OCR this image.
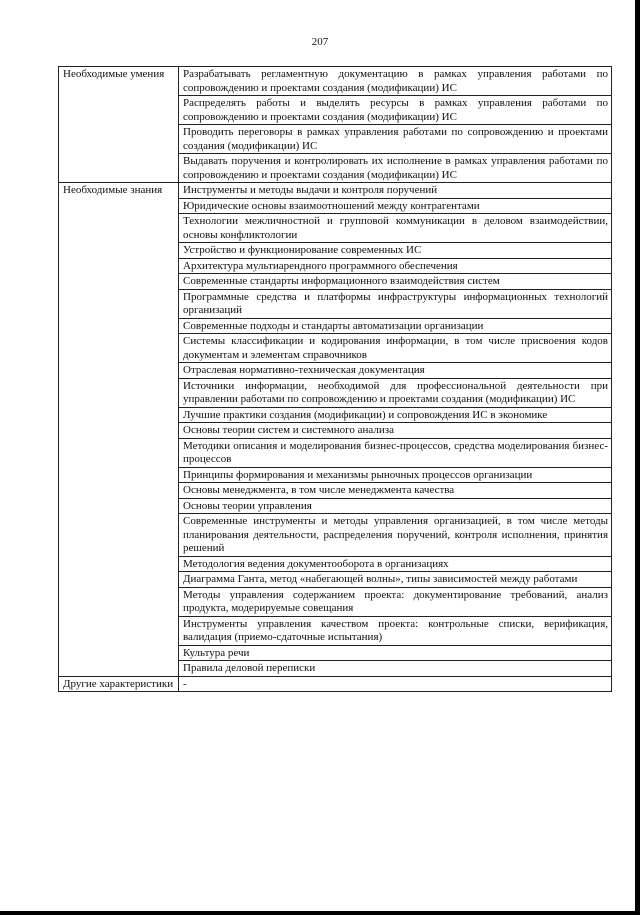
207
Необходимые умения	Разрабатывать регламентную документацию в рамках управления работами по сопровождению и проектами создания (модификации) ИС
	Распределять работы и выделять ресурсы в рамках управления работами по сопровождению и проектами создания (модификации) ИС
	Проводить переговоры в рамках управления работами по сопровождению и проектами создания (модификации) ИС
	Выдавать поручения и контролировать их исполнение в рамках управления работами по сопровождению и проектами создания (модификации) ИС
Необходимые знания	Инструменты и методы выдачи и контроля поручений
	Юридические основы взаимоотношений между контрагентами
	Технологии межличностной и групповой коммуникации в деловом взаимодействии, основы конфликтологии
	Устройство и функционирование современных ИС
	Архитектура мультиарендного программного обеспечения
	Современные стандарты информационного взаимодействия систем
	Программные средства и платформы инфраструктуры информационных технологий организаций
	Современные подходы и стандарты автоматизации организации
	Системы классификации и кодирования информации, в том числе присвоения кодов документам и элементам справочников
	Отраслевая нормативно-техническая документация
	Источники информации, необходимой для профессиональной деятельности при управлении работами по сопровождению и проектами создания (модификации) ИС
	Лучшие практики создания (модификации) и сопровождения ИС в экономике
	Основы теории систем и системного анализа
	Методики описания и моделирования бизнес-процессов, средства моделирования бизнес-процессов
	Принципы формирования и механизмы рыночных процессов организации
	Основы менеджмента, в том числе менеджмента качества
	Основы теории управления
	Современные инструменты и методы управления организацией, в том числе методы планирования деятельности, распределения поручений, контроля исполнения, принятия решений
	Методология ведения документооборота в организациях
	Диаграмма Ганта, метод «набегающей волны», типы зависимостей между работами
	Методы управления содержанием проекта: документирование требований, анализ продукта, модерируемые совещания
	Инструменты управления качеством проекта: контрольные списки, верификация, валидация (приемо-сдаточные испытания)
	Культура речи
	Правила деловой переписки
Другие характеристики	-
